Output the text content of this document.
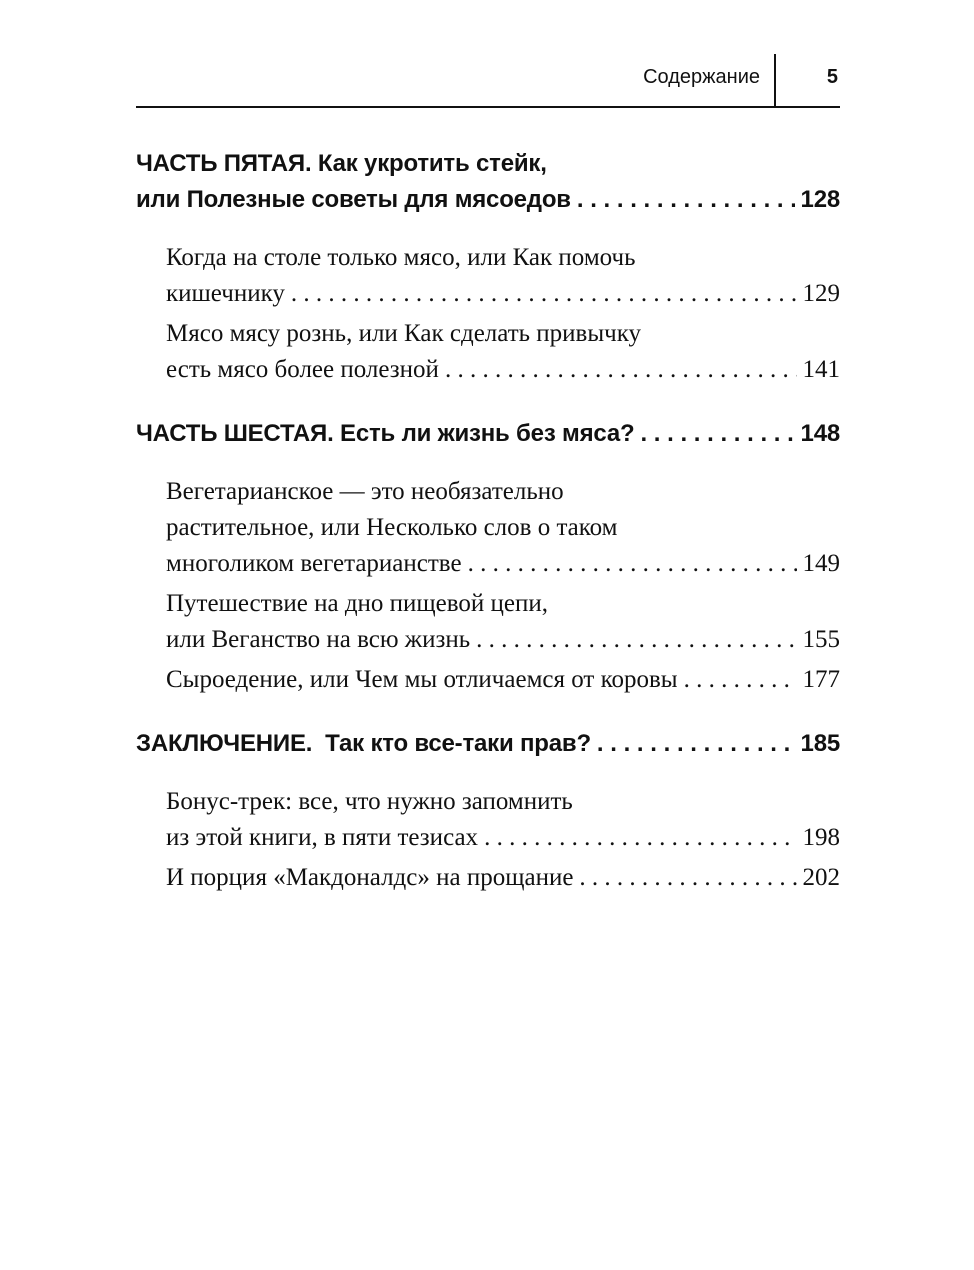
Содержание	5
ЧАСТЬ ПЯТАЯ. Как укротить стейк,
или Полезные советы для мясоедов . . .	128
Когда на столе только мясо, или Как помочь
кишечнику . . .	129
Мясо мясу рознь, или Как сделать привычку
есть мясо более полезной . . .	141
ЧАСТЬ ШЕСТАЯ. Есть ли жизнь без мяса? . . .	148
Вегетарианское — это необязательно
растительное, или Несколько слов о таком
многоликом вегетарианстве . . .	149
Путешествие на дно пищевой цепи,
или Веганство на всю жизнь . . .	155
Сыроедение, или Чем мы отличаемся от коровы . . .	177
ЗАКЛЮЧЕНИЕ.  Так кто все-таки прав? . . .	185
Бонус-трек: все, что нужно запомнить
из этой книги, в пяти тезисах . . .	198
И порция «Макдоналдс» на прощание . . .	202
